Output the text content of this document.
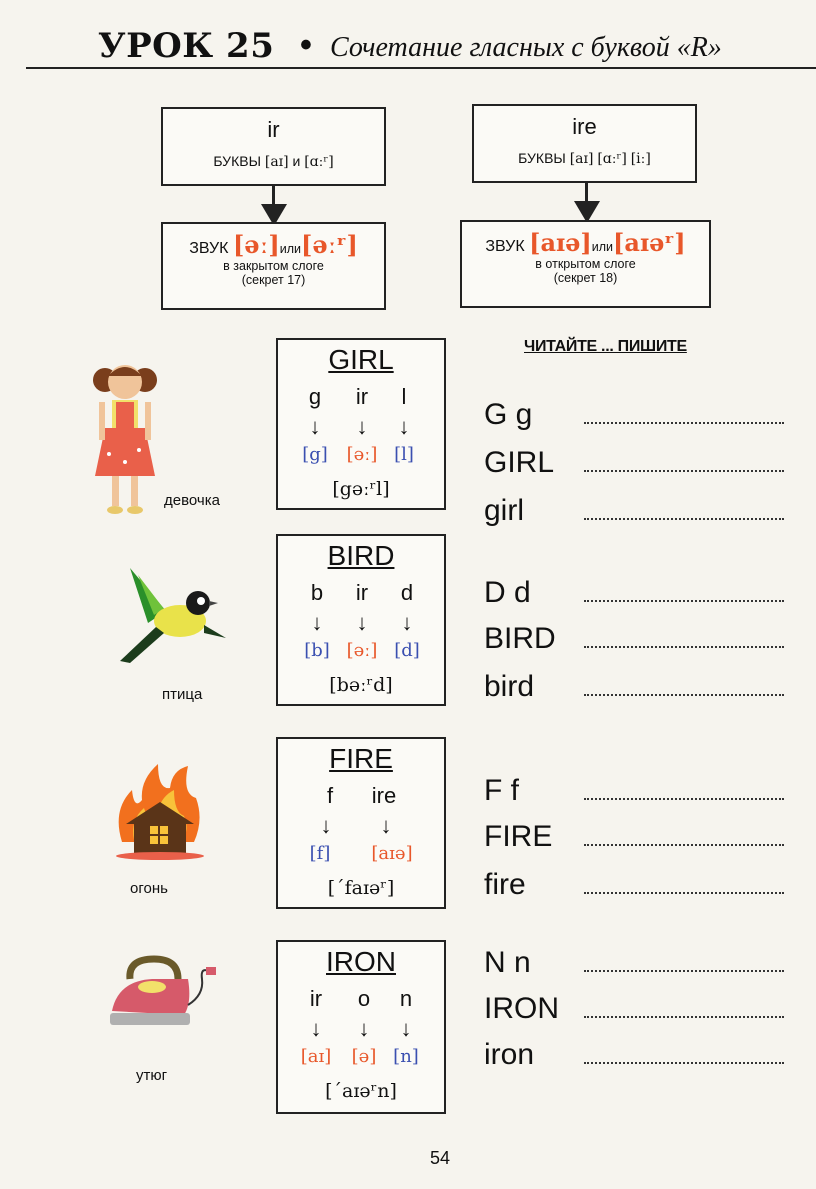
УРОК 25 • Сочетание гласных с буквой «R»
ir
БУКВЫ [aɪ] и [ɑːʳ]
ЗВУК [əː]или[əːʳ]
в закрытом слоге
(секрет 17)
ire
БУКВЫ [aɪ] [ɑːʳ] [iː]
ЗВУК [aɪə]или[aɪəʳ]
в открытом слоге
(секрет 18)
ЧИТАЙТЕ ... ПИШИТЕ
девочка
птица
огонь
утюг
GIRL
g ir l
↓ ↓ ↓
[g] [əː] [l]
[gəːʳl]
BIRD
b ir d
↓ ↓ ↓
[b] [əː] [d]
[bəːʳd]
FIRE
f ire
↓ ↓
[f] [aɪə]
[ˊfaɪəʳ]
IRON
ir o n
↓ ↓ ↓
[aɪ] [ə] [n]
[ˊaɪəʳn]
G g
GIRL
girl
D d
BIRD
bird
F f
FIRE
fire
N n
IRON
iron
54
